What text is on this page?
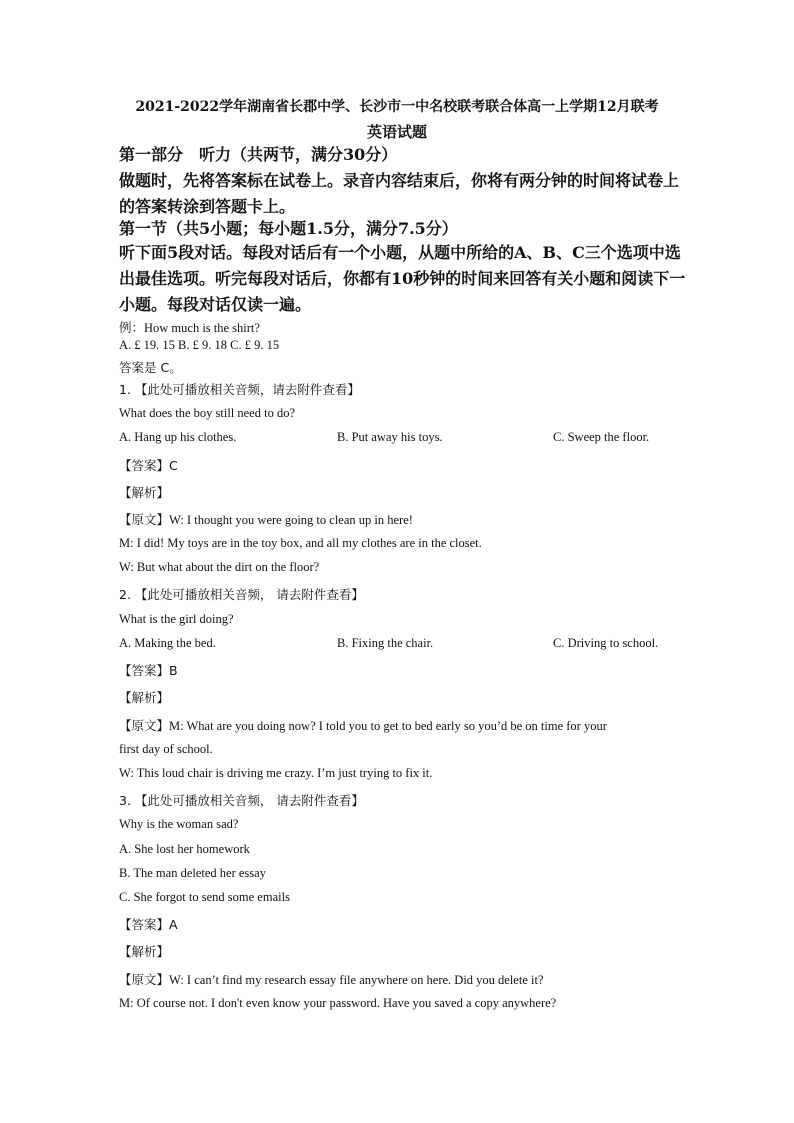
2021-2022学年湖南省长郡中学、长沙市一中名校联考联合体高一上学期12月联考
英语试题
第一部分　听力（共两节，满分30分）
做题时，先将答案标在试卷上。录音内容结束后，你将有两分钟的时间将试卷上的答案转涂到答题卡上。
第一节（共5小题；每小题1.5分，满分7.5分）
听下面5段对话。每段对话后有一个小题，从题中所给的A、B、C三个选项中选出最佳选项。听完每段对话后，你都有10秒钟的时间来回答有关小题和阅读下一小题。每段对话仅读一遍。
例：How much is the shirt?
A. £ 19. 15 B. £ 9. 18 C. £ 9. 15
答案是 C。
1. 【此处可播放相关音频，请去附件查看】
What does the boy still need to do?
A. Hang up his clothes.	B. Put away his toys.	C. Sweep the floor.
【答案】C
【解析】
【原文】W: I thought you were going to clean up in here!
M: I did! My toys are in the toy box, and all my clothes are in the closet.
W: But what about the dirt on the floor?
2. 【此处可播放相关音频， 请去附件查看】
What is the girl doing?
A. Making the bed.	B. Fixing the chair.	C. Driving to school.
【答案】B
【解析】
【原文】M: What are you doing now? I told you to get to bed early so you’d be on time for your
first day of school.
W: This loud chair is driving me crazy. I’m just trying to fix it.
3. 【此处可播放相关音频， 请去附件查看】
Why is the woman sad?
A. She lost her homework
B. The man deleted her essay
C. She forgot to send some emails
【答案】A
【解析】
【原文】W: I can’t find my research essay file anywhere on here. Did you delete it?
M: Of course not. I don't even know your password. Have you saved a copy anywhere?
